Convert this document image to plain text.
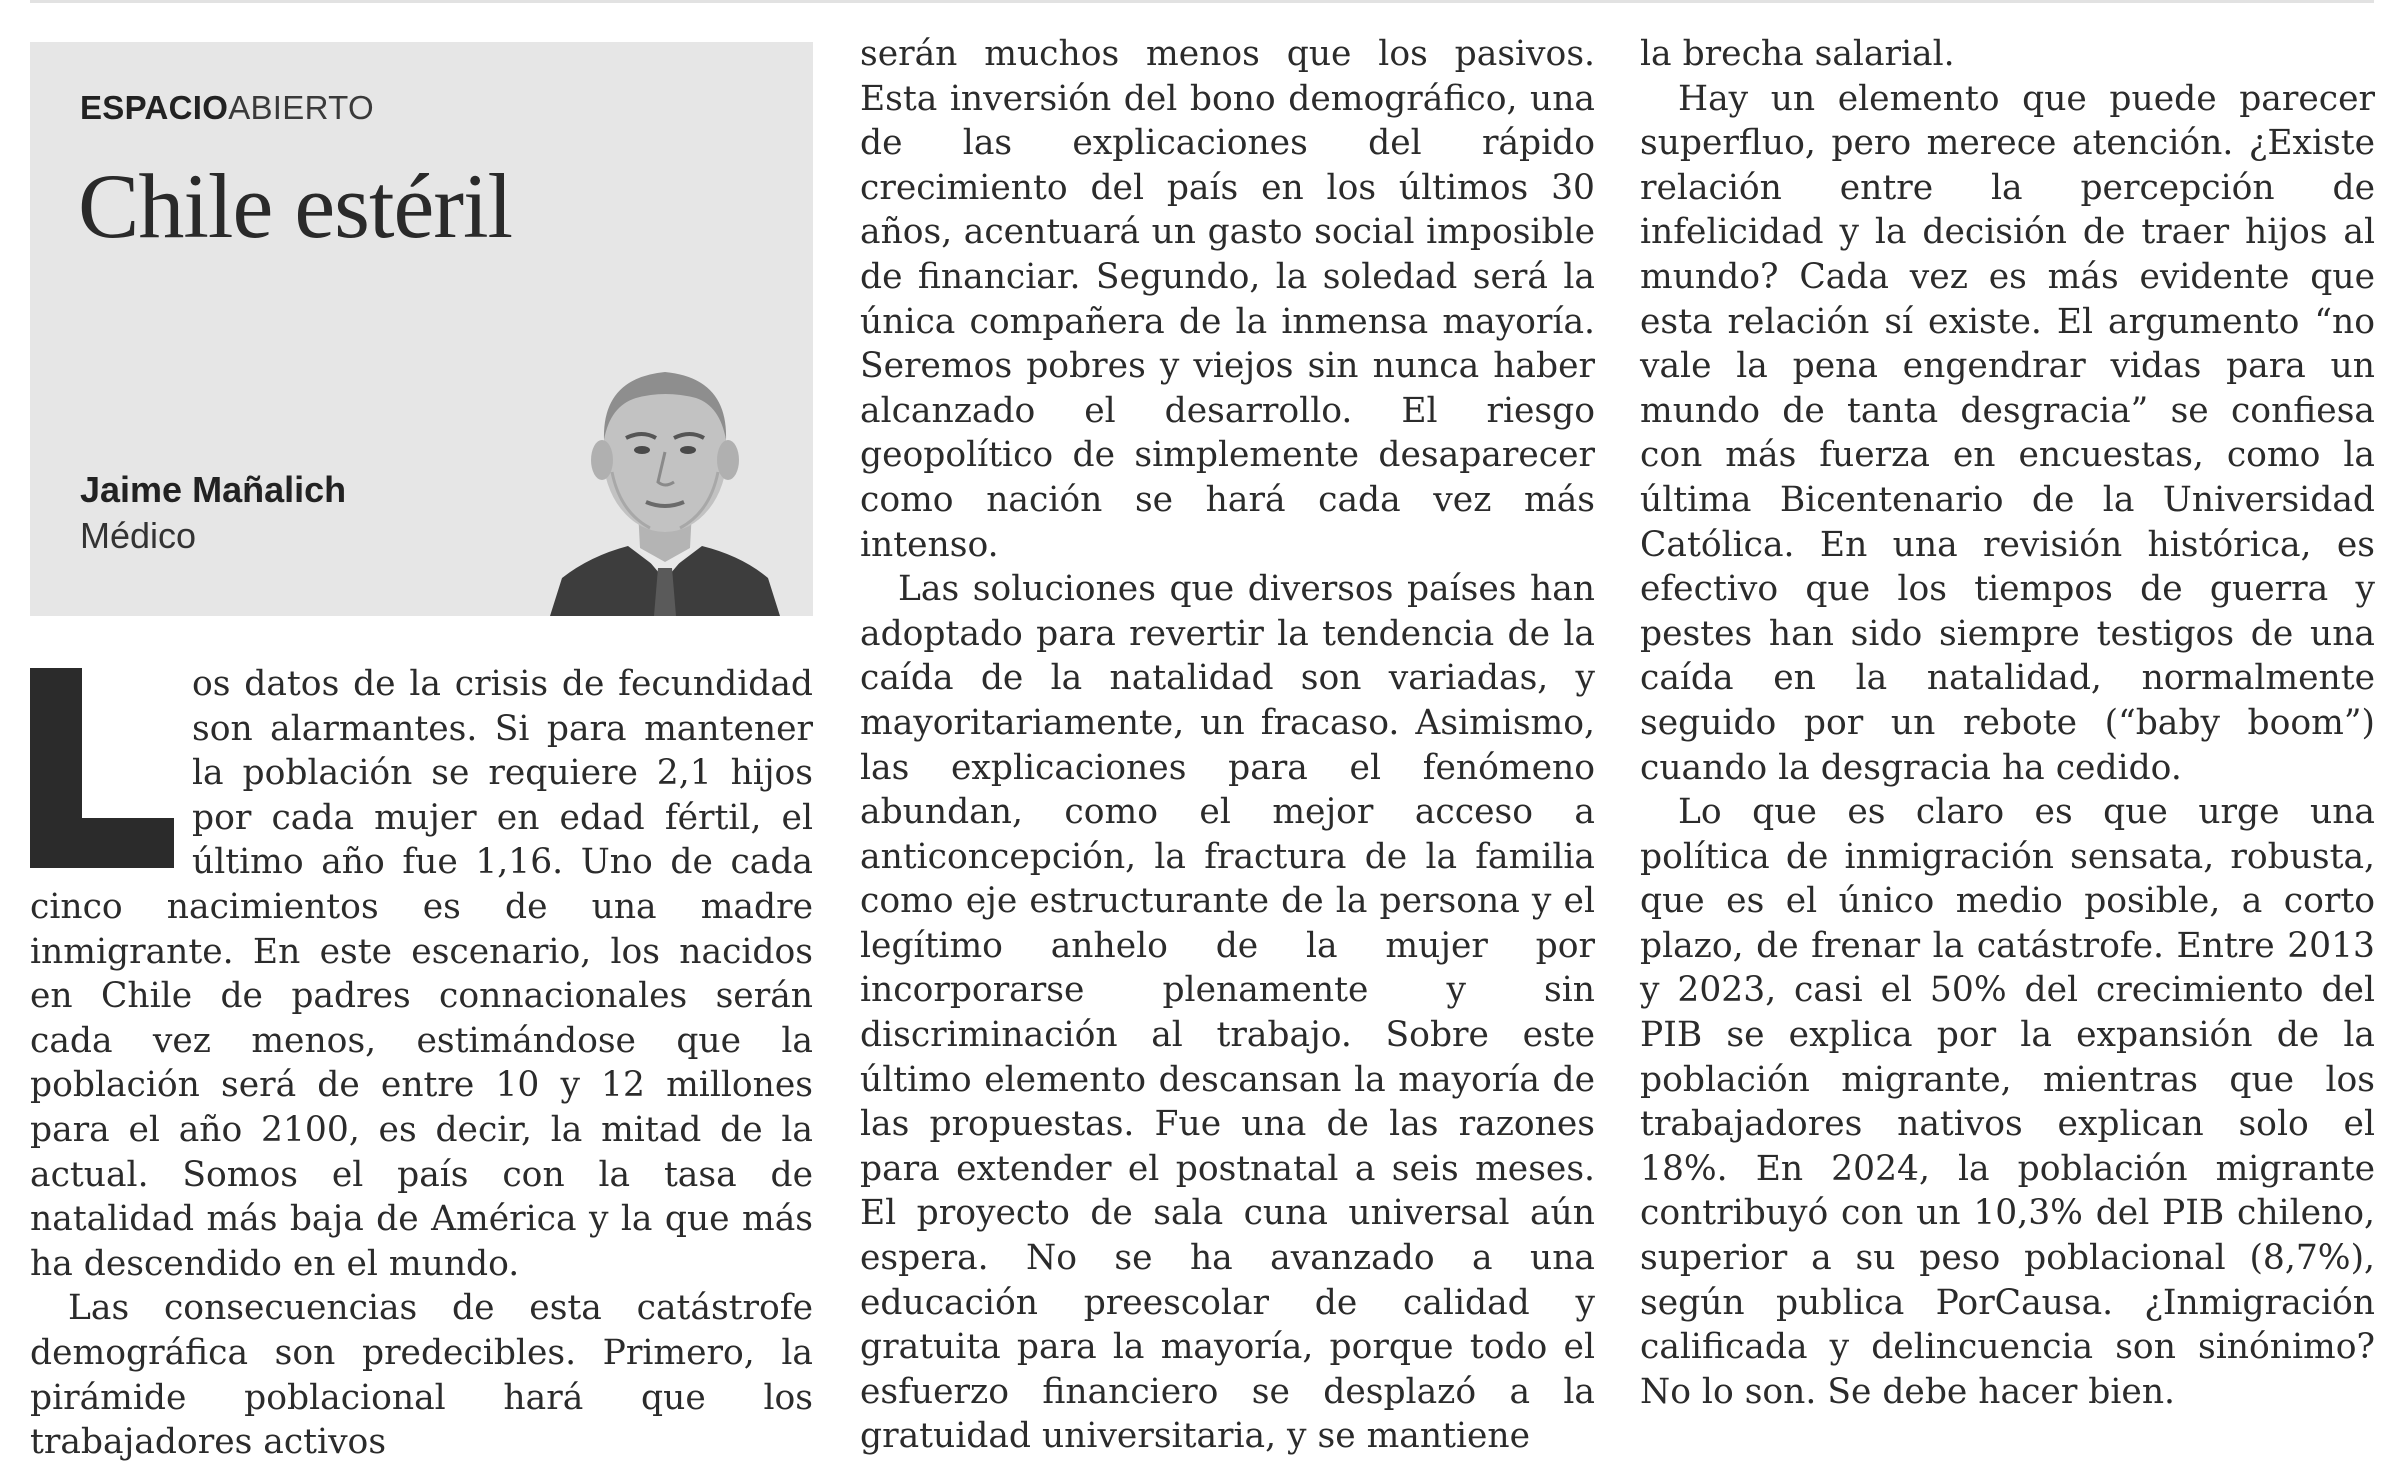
ESPACIOABIERTO
Chile estéril
Jaime Mañalich
Médico

os datos de la crisis de fecundidad son alarmantes. Si para mantener la población se requiere 2,1 hijos por cada mujer en edad fértil, el último año fue 1,16. Uno de cada cinco nacimientos es de una madre inmigrante. En este escenario, los nacidos en Chile de padres connacionales serán cada vez menos, estimándose que la población será de entre 10 y 12 millones para el año 2100, es decir, la mitad de la actual. Somos el país con la tasa de natalidad más baja de América y la que más ha descendido en el mundo.

Las consecuencias de esta catástrofe demográfica son predecibles. Primero, la pirámide poblacional hará que los trabajadores activos

serán muchos menos que los pasivos. Esta inversión del bono demográfico, una de las explicaciones del rápido crecimiento del país en los últimos 30 años, acentuará un gasto social imposible de financiar. Segundo, la soledad será la única compañera de la inmensa mayoría. Seremos pobres y viejos sin nunca haber alcanzado el desarrollo. El riesgo geopolítico de simplemente desaparecer como nación se hará cada vez más intenso.

Las soluciones que diversos países han adoptado para revertir la tendencia de la caída de la natalidad son variadas, y mayoritariamente, un fracaso. Asimismo, las explicaciones para el fenómeno abundan, como el mejor acceso a anticoncepción, la fractura de la familia como eje estructurante de la persona y el legítimo anhelo de la mujer por incorporarse plenamente y sin discriminación al trabajo. Sobre este último elemento descansan la mayoría de las propuestas. Fue una de las razones para extender el postnatal a seis meses. El proyecto de sala cuna universal aún espera. No se ha avanzado a una educación preescolar de calidad y gratuita para la mayoría, porque todo el esfuerzo financiero se desplazó a la gratuidad universitaria, y se mantiene

la brecha salarial.

Hay un elemento que puede parecer superfluo, pero merece atención. ¿Existe relación entre la percepción de infelicidad y la decisión de traer hijos al mundo? Cada vez es más evidente que esta relación sí existe. El argumento “no vale la pena engendrar vidas para un mundo de tanta desgracia” se confiesa con más fuerza en encuestas, como la última Bicentenario de la Universidad Católica. En una revisión histórica, es efectivo que los tiempos de guerra y pestes han sido siempre testigos de una caída en la natalidad, normalmente seguido por un rebote (“baby boom”) cuando la desgracia ha cedido.

Lo que es claro es que urge una política de inmigración sensata, robusta, que es el único medio posible, a corto plazo, de frenar la catástrofe. Entre 2013 y 2023, casi el 50% del crecimiento del PIB se explica por la expansión de la población migrante, mientras que los trabajadores nativos explican solo el 18%. En 2024, la población migrante contribuyó con un 10,3% del PIB chileno, superior a su peso poblacional (8,7%), según publica PorCausa. ¿Inmigración calificada y delincuencia son sinónimo? No lo son. Se debe hacer bien.
